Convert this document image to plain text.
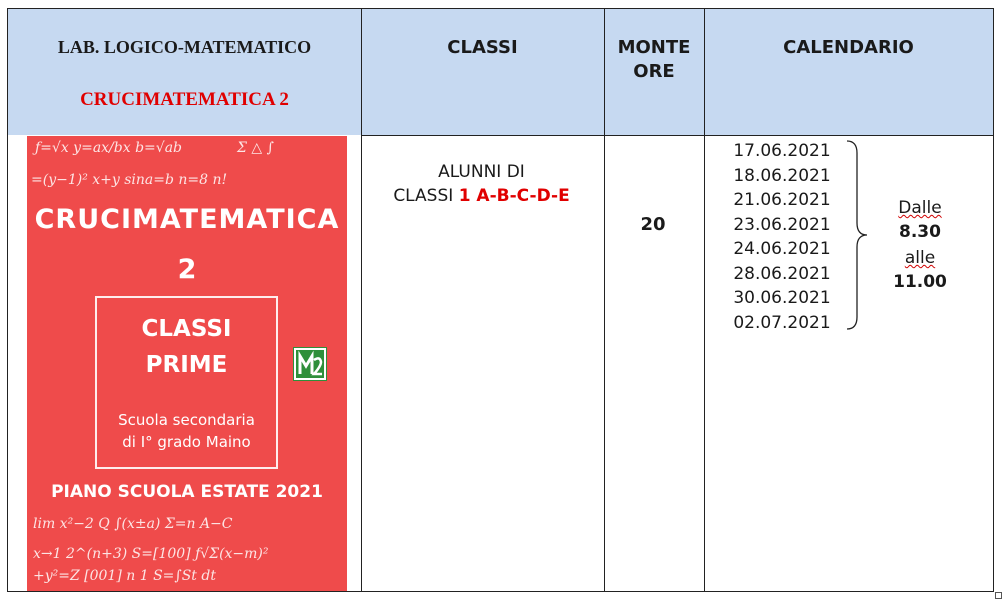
LAB. LOGICO-MATEMATICO
CRUCIMATEMATICA 2
CLASSI	MONTE
ORE
CALENDARIO
ƒ=√x y=ax/bx b=√ab
=(y−1)² x+y sina=b n=8 n!
Σ △ ∫
CRUCIMATEMATICA
2
CLASSI
PRIME
Scuola secondaria
di I° grado Maino
PIANO SCUOLA ESTATE 2021
lim x²−2 Q ∫(x±a) Σ=n A−C
x→1 2^(n+3) S=[100] ƒ√Σ(x−m)²
+y²=Z [001] n 1 S=∫St dt
ALUNNI DI
CLASSI 1 A-B-C-D-E
20
17.06.2021
18.06.2021
21.06.2021
23.06.2021
24.06.2021
28.06.2021
30.06.2021
02.07.2021
Dalle
8.30
alle
11.00
